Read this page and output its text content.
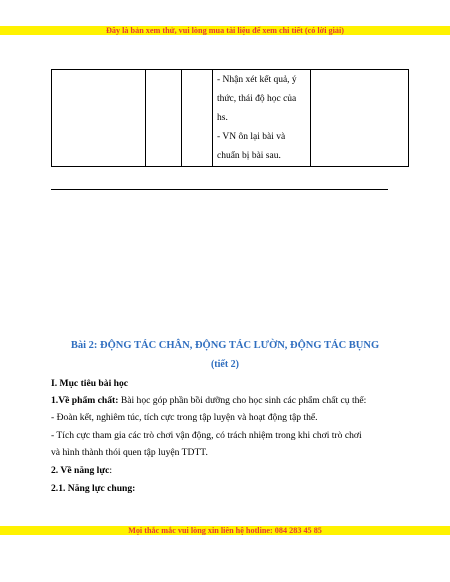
Đây là bản xem thử, vui lòng mua tài liệu để xem chi tiết (có lời giải)

- Nhận xét kết quả, ý
thức, thái độ học của
hs.
- VN ôn lại bài và
chuẩn bị bài sau.

Bài 2: ĐỘNG TÁC CHÂN, ĐỘNG TÁC LƯỜN, ĐỘNG TÁC BỤNG
(tiết 2)
I. Mục tiêu bài học
1.Về phẩm chất: Bài học góp phần bồi dưỡng cho học sinh các phẩm chất cụ thể:
- Đoàn kết, nghiêm túc, tích cực trong tập luyện và hoạt động tập thể.
- Tích cực tham gia các trò chơi vận động, có trách nhiệm trong khi chơi trò chơi
và hình thành thói quen tập luyện TDTT.
2. Về năng lực:
2.1. Năng lực chung:
Mọi thắc mắc vui lòng xin liên hệ hotline: 084 283 45 85
